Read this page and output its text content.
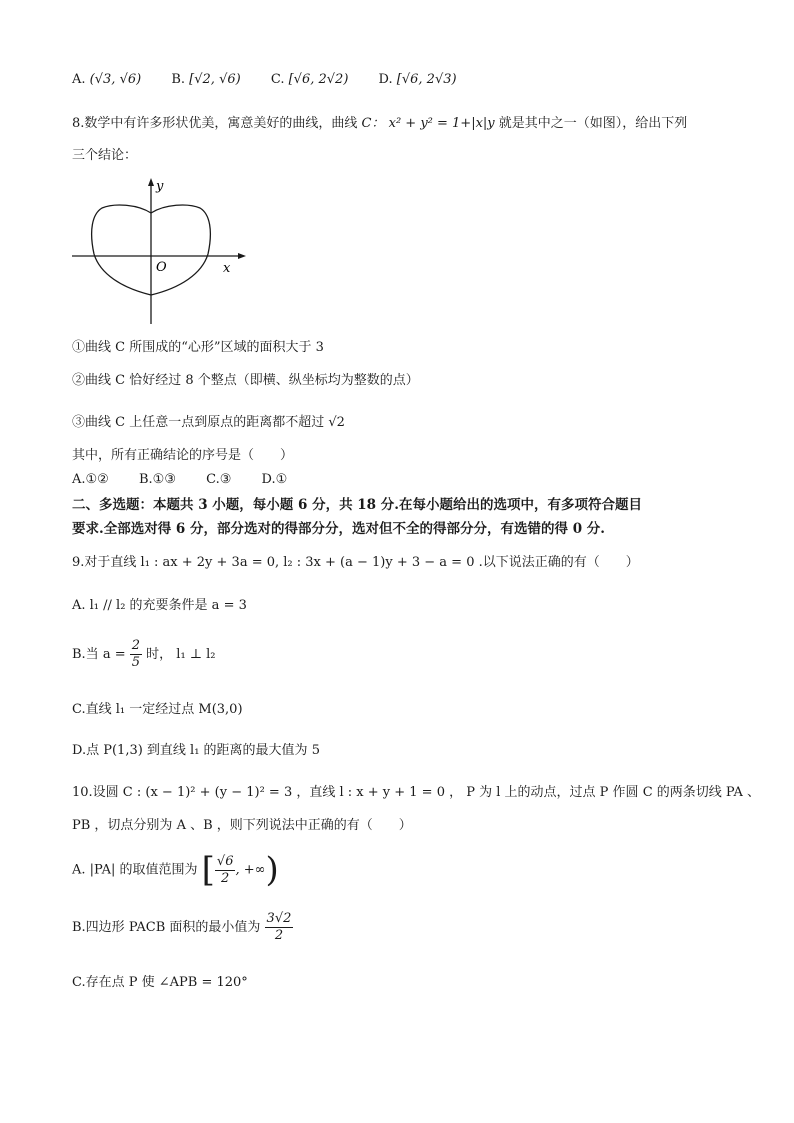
A. (√3, √6) B. [√2, √6) C. [√6, 2√2) D. [√6, 2√3)
8.数学中有许多形状优美，寓意美好的曲线，曲线 C： x² + y² = 1+|x|y 就是其中之一（如图），给出下列
三个结论：
y
O	x
①曲线 C 所围成的“心形”区域的面积大于 3
②曲线 C 恰好经过 8 个整点（即横、纵坐标均为整数的点）
③曲线 C 上任意一点到原点的距离都不超过 √2
其中，所有正确结论的序号是（　　）
A.①② B.①③ C.③ D.①
二、多选题：本题共 3 小题，每小题 6 分，共 18 分.在每小题给出的选项中，有多项符合题目
要求.全部选对得 6 分，部分选对的得部分分，选对但不全的得部分分，有选错的得 0 分.
9.对于直线 l₁ : ax + 2y + 3a = 0, l₂ : 3x + (a − 1)y + 3 − a = 0 .以下说法正确的有（　　）
A. l₁ // l₂ 的充要条件是 a = 3
B.当 $a = \frac{2}{5}$ 时， l₁ ⊥ l₂
C.直线 l₁ 一定经过点 M(3,0)
D.点 P(1,3) 到直线 l₁ 的距离的最大值为 5
10.设圆 C : (x − 1)² + (y − 1)² = 3 ，直线 l : x + y + 1 = 0 ， P 为 l 上的动点，过点 P 作圆 C 的两条切线 PA 、
PB ，切点分别为 A 、B ，则下列说法中正确的有（　　）
A. |PA| 的取值范围为 [ $\frac{√6}{2}$ , +∞)
B.四边形 PACB 面积的最小值为 $\frac{3√2}{2}$
C.存在点 P 使 ∠APB = 120°
